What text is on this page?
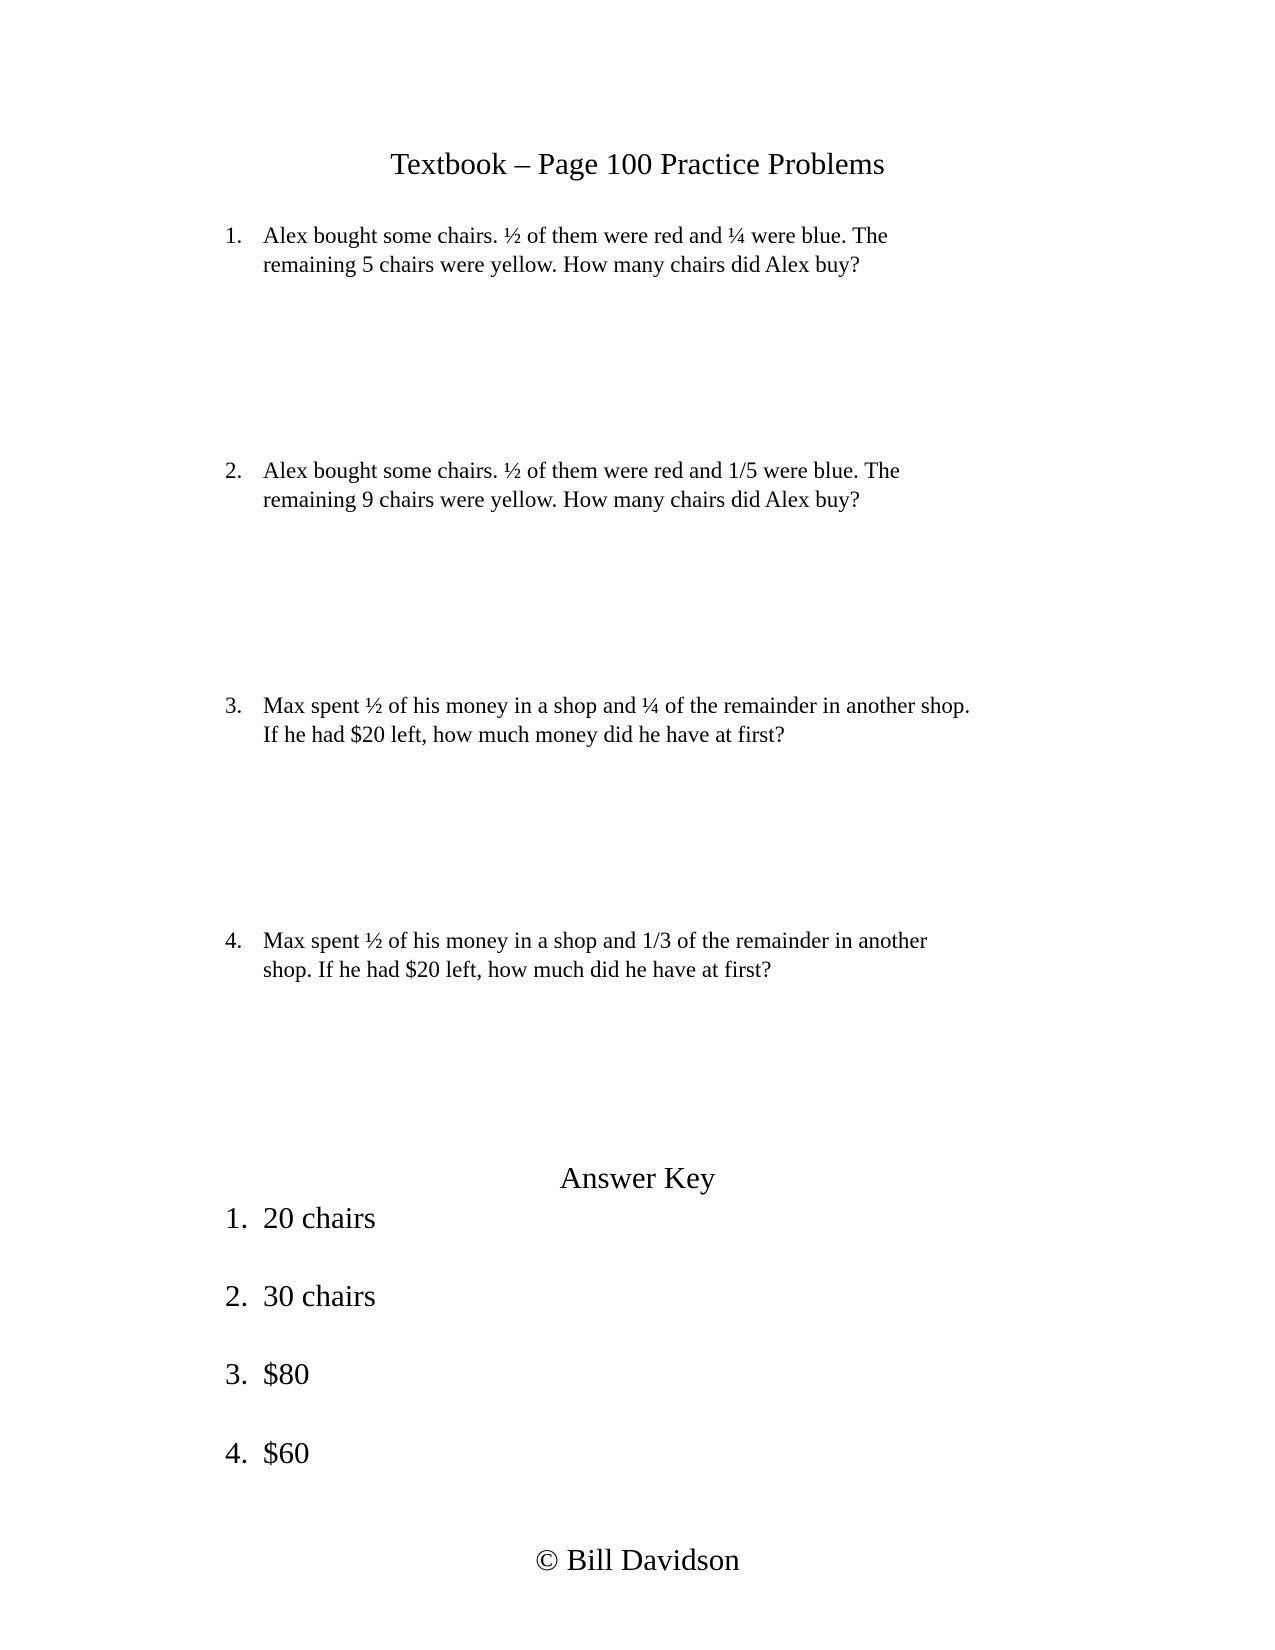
Textbook – Page 100 Practice Problems
1. Alex bought some chairs. ½ of them were red and ¼ were blue. The
remaining 5 chairs were yellow. How many chairs did Alex buy?
2. Alex bought some chairs. ½ of them were red and 1/5 were blue. The
remaining 9 chairs were yellow. How many chairs did Alex buy?
3. Max spent ½ of his money in a shop and ¼ of the remainder in another shop.
If he had $20 left, how much money did he have at first?
4. Max spent ½ of his money in a shop and 1/3 of the remainder in another
shop. If he had $20 left, how much did he have at first?
Answer Key
1. 20 chairs
2. 30 chairs
3. $80
4. $60
© Bill Davidson
